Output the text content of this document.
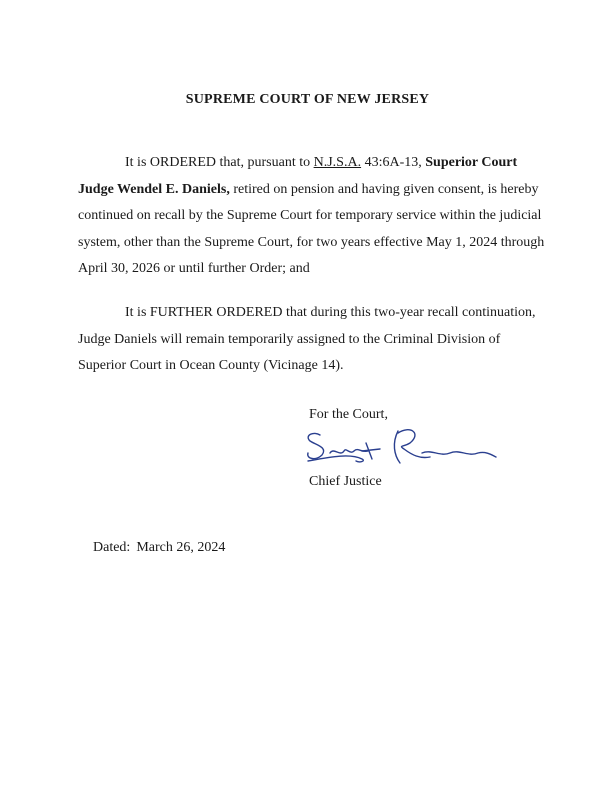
SUPREME COURT OF NEW JERSEY

It is ORDERED that, pursuant to N.J.S.A. 43:6A-13, Superior Court Judge Wendel E. Daniels, retired on pension and having given consent, is hereby continued on recall by the Supreme Court for temporary service within the judicial system, other than the Supreme Court, for two years effective May 1, 2024 through April 30, 2026 or until further Order; and

It is FURTHER ORDERED that during this two-year recall continuation, Judge Daniels will remain temporarily assigned to the Criminal Division of Superior Court in Ocean County (Vicinage 14).

For the Court,
Chief Justice
Dated: March 26, 2024
